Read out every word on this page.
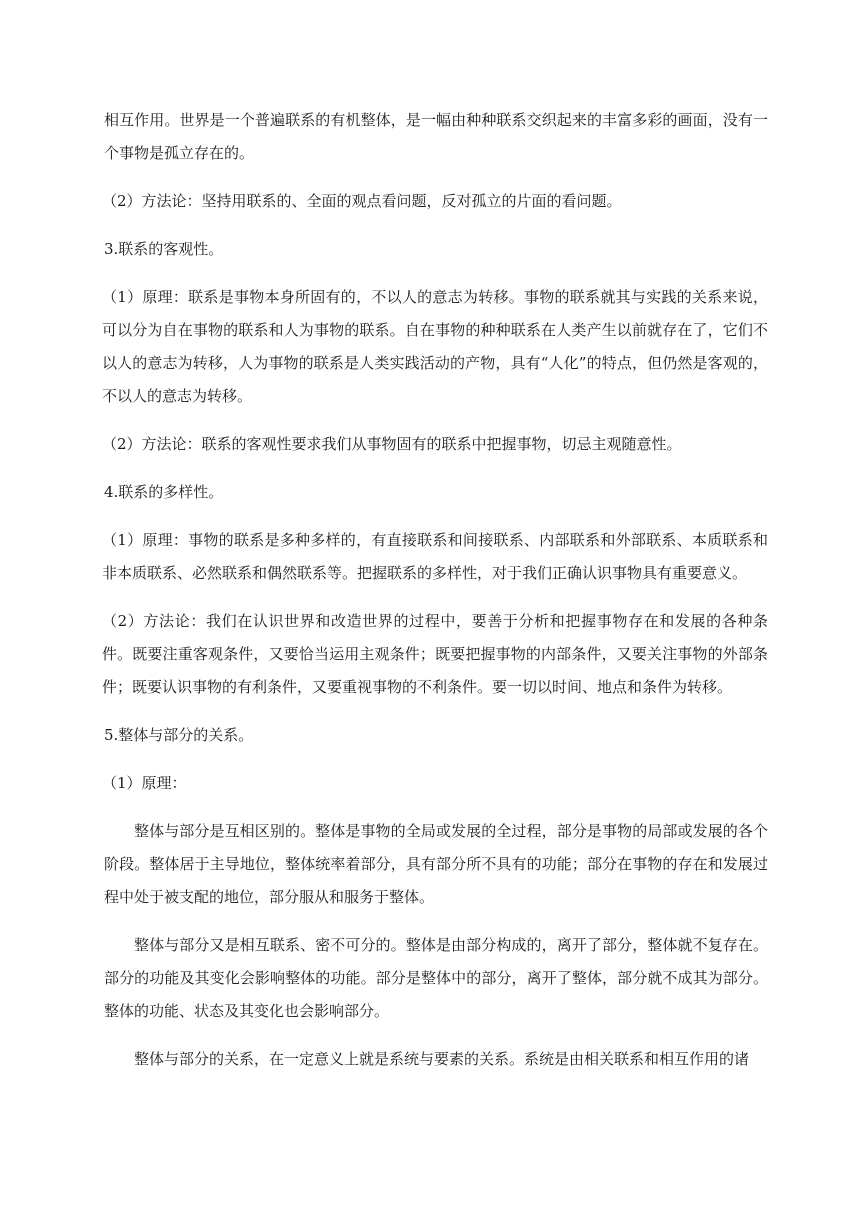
相互作用。世界是一个普遍联系的有机整体，是一幅由种种联系交织起来的丰富多彩的画面，没有一个事物是孤立存在的。

（2）方法论：坚持用联系的、全面的观点看问题，反对孤立的片面的看问题。

3.联系的客观性。

（1）原理：联系是事物本身所固有的，不以人的意志为转移。事物的联系就其与实践的关系来说，可以分为自在事物的联系和人为事物的联系。自在事物的种种联系在人类产生以前就存在了，它们不以人的意志为转移，人为事物的联系是人类实践活动的产物，具有“人化”的特点，但仍然是客观的，不以人的意志为转移。

（2）方法论：联系的客观性要求我们从事物固有的联系中把握事物，切忌主观随意性。

4.联系的多样性。

（1）原理：事物的联系是多种多样的，有直接联系和间接联系、内部联系和外部联系、本质联系和非本质联系、必然联系和偶然联系等。把握联系的多样性，对于我们正确认识事物具有重要意义。

（2）方法论：我们在认识世界和改造世界的过程中，要善于分析和把握事物存在和发展的各种条件。既要注重客观条件，又要恰当运用主观条件；既要把握事物的内部条件，又要关注事物的外部条件；既要认识事物的有利条件，又要重视事物的不利条件。要一切以时间、地点和条件为转移。

5.整体与部分的关系。

（1）原理：

整体与部分是互相区别的。整体是事物的全局或发展的全过程，部分是事物的局部或发展的各个阶段。整体居于主导地位，整体统率着部分，具有部分所不具有的功能；部分在事物的存在和发展过程中处于被支配的地位，部分服从和服务于整体。

整体与部分又是相互联系、密不可分的。整体是由部分构成的，离开了部分，整体就不复存在。部分的功能及其变化会影响整体的功能。部分是整体中的部分，离开了整体，部分就不成其为部分。整体的功能、状态及其变化也会影响部分。

整体与部分的关系，在一定意义上就是系统与要素的关系。系统是由相关联系和相互作用的诸
